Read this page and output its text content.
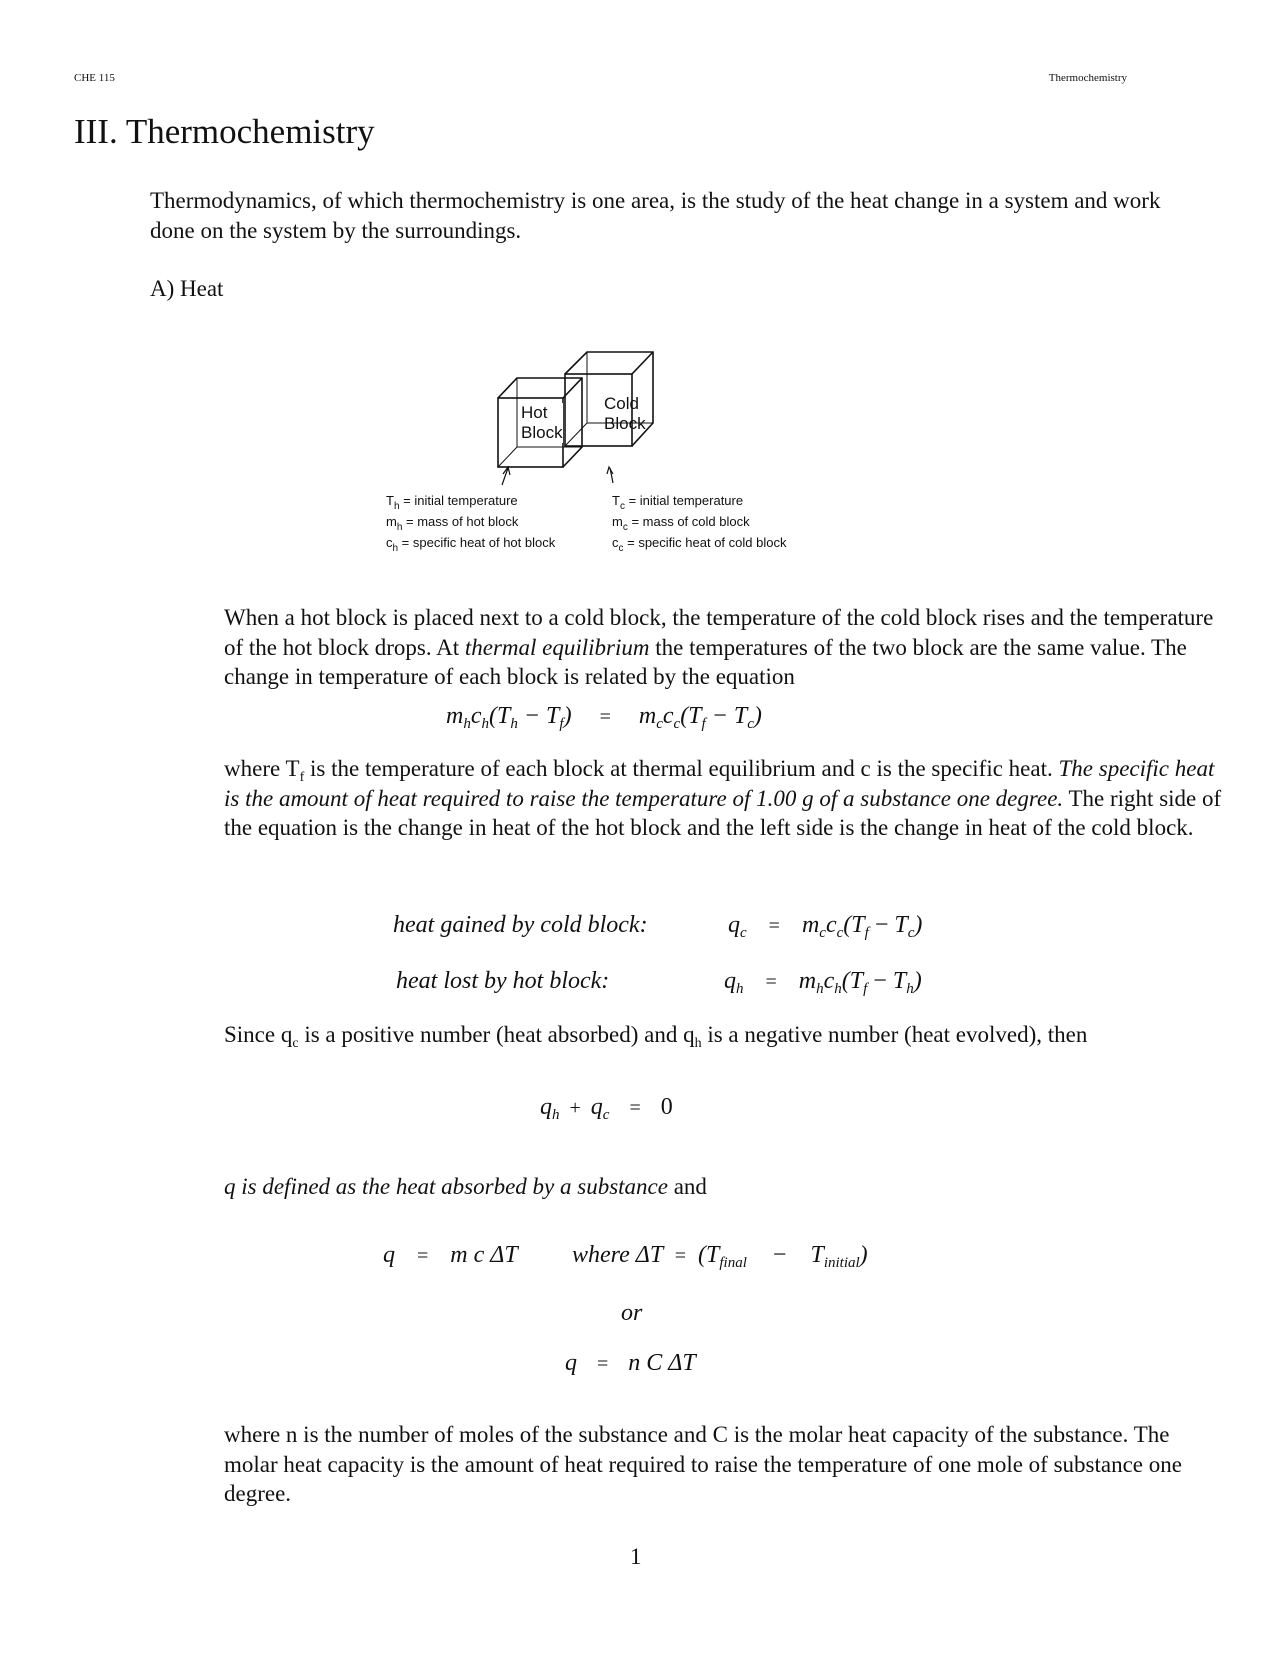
CHE 115	Thermochemistry
III. Thermochemistry

Thermodynamics, of which thermochemistry is one area, is the study of the heat change in a system and work done on the system by the surroundings.

A) Heat
Hot
Block
Cold
Block
$T_h$ = initial temperature
$m_h$ = mass of hot block
$c_h$ = specific heat of hot block
$T_c$ = initial temperature
$m_c$ = mass of cold block
$c_c$ = specific heat of cold block

When a hot block is placed next to a cold block, the temperature of the cold block rises and the temperature of the hot block drops. At thermal equilibrium the temperatures of the two block are the same value. The change in temperature of each block is related by the equation

$m_hc_h(T_h - T_f) = m_cc_c(T_f - T_c)$

where $T_f$ is the temperature of each block at thermal equilibrium and c is the specific heat. The specific heat is the amount of heat required to raise the temperature of 1.00 g of a substance one degree. The right side of the equation is the change in heat of the hot block and the left side is the change in heat of the cold block.

heat gained by cold block:	$q_c = m_cc_c(T_f - T_c)$
heat lost by hot block:	$q_h = m_hc_h(T_f - T_h)$

Since $q_c$ is a positive number (heat absorbed) and $q_h$ is a negative number (heat evolved), then

$q_h + q_c = 0$

q is defined as the heat absorbed by a substance and

q = m c ΔT where $\Delta T = (T_{final} - T_{initial})$
or
q = n C ΔT

where n is the number of moles of the substance and C is the molar heat capacity of the substance. The molar heat capacity is the amount of heat required to raise the temperature of one mole of substance one degree.

1
